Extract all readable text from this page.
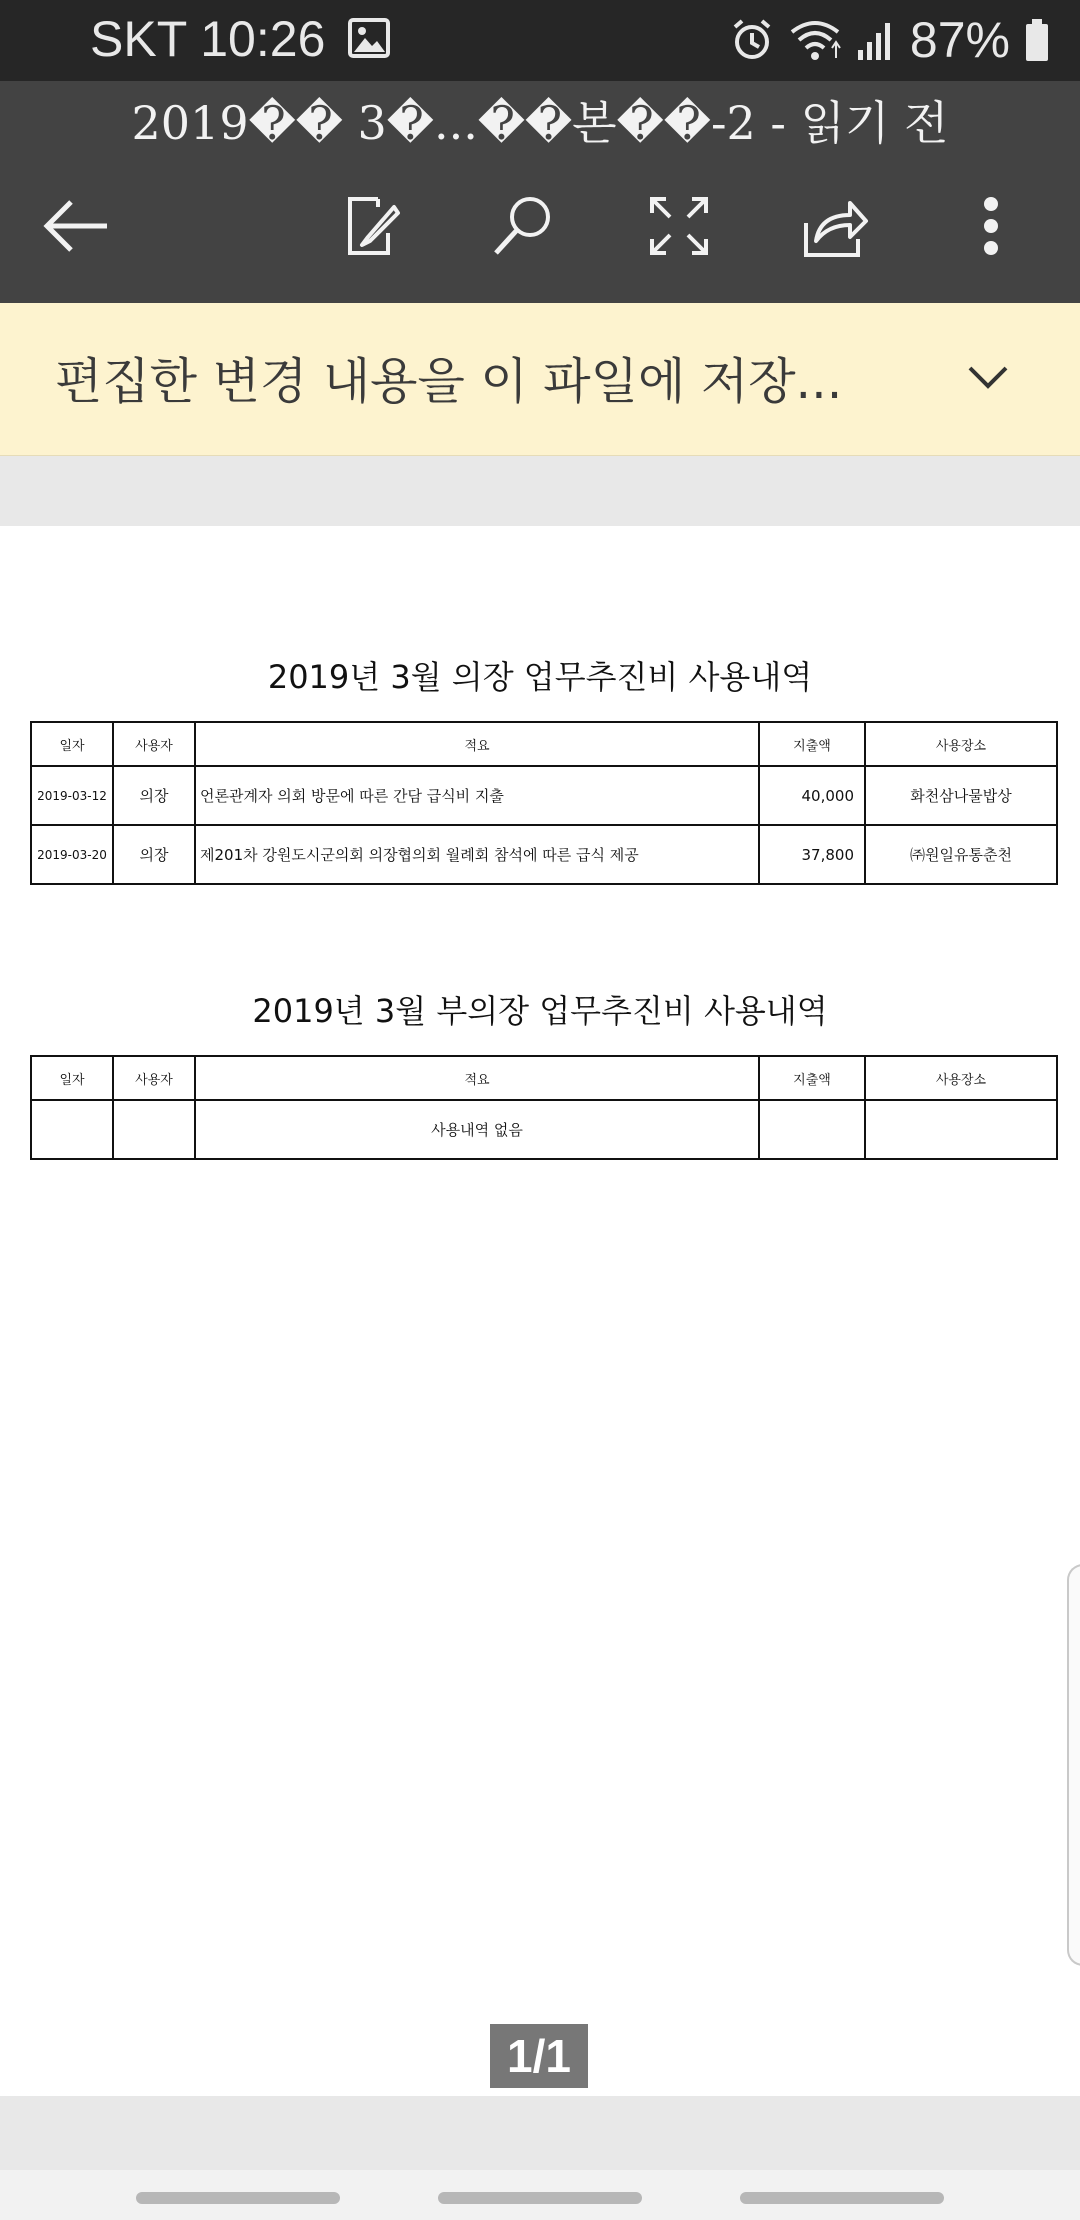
SKT 10:26	87%
2019�� 3�...��본��-2 - 읽기 전
편집한 변경 내용을 이 파일에 저장...
2019년 3월 의장 업무추진비 사용내역
일자	사용자	적요	지출액	사용장소
2019-03-12	의장	언론관계자 의회 방문에 따른 간담 급식비 지출	40,000	화천삼나물밥상
2019-03-20	의장	제201차 강원도시군의회 의장협의회 월례회 참석에 따른 급식 제공	37,800	㈜원일유통춘천
2019년 3월 부의장 업무추진비 사용내역
일자	사용자	적요	지출액	사용장소
		사용내역 없음		
1/1
